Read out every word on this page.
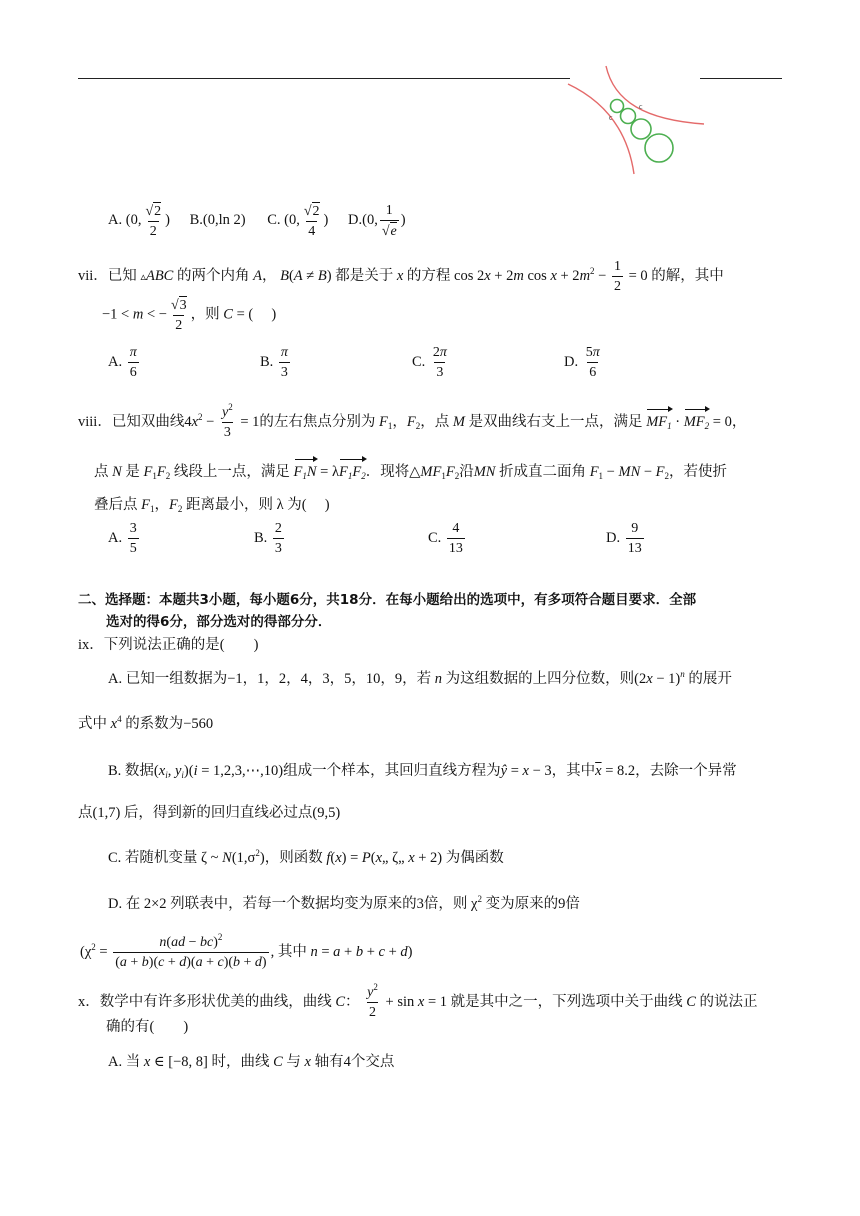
C
C
A. (0, $\frac{√2}{2}$ ) B.(0,ln 2) C. (0, $\frac{√2}{4}$ ) D.(0, $\frac{1}{√e}$ )
vii．已知 ▵ABC 的两个内角 A， B(A ≠ B) 都是关于 x 的方程 cos 2x + 2m $\cos x + 2m^2 - \frac{1}{2} = 0$ 的解，其中
−1 < m < − $\frac{√3}{2}$ ，则 C = (　 )
A. $\frac{\pi}{6}$	B. $\frac{\pi}{3}$	C. $\frac{2\pi}{3}$	D. $\frac{5\pi}{6}$
viii．已知双曲线$4x^2 - \frac{y^2}{3} = 1$的左右焦点分别为 $F_1$，$F_2$，点 M 是双曲线右支上一点，满足 $MF_1 \cdot MF_2 = 0$，
点 N 是 $F_1F_2$ 线段上一点，满足 $F_1N = \lambda F_1F_2$．现将$\triangle MF_1F_2$沿MN 折成直二面角 $F_1$ − MN − $F_2$，若使折
叠后点 $F_1$，$F_2$ 距离最小，则 λ 为(　 )
A. $\frac{3}{5}$	B. $\frac{2}{3}$	C. $\frac{4}{13}$	D. $\frac{9}{13}$
二、选择题：本题共3小题，每小题6分，共18分．在每小题给出的选项中，有多项符合题目要求．全部
选对的得6分，部分选对的得部分分．
ix．下列说法正确的是(　　)
A. 已知一组数据为−1，1，2，4，3，5，10，9，若 n 为这组数据的上四分位数，则$(2x - 1)^n$ 的展开
式中 $x^4$ 的系数为−560
B. 数据($x_i$, $y_i)(i$ = 1,2,3,⋯,10)组成一个样本，其回归直线方程为ŷ = x − 3，其中$\overline{x} = 8.2$，去除一个异常
点(1,7) 后，得到新的回归直线必过点(9,5)
C. 若随机变量 ζ ~ $N(1,\sigma^2)$，则函数 f(x) = P(x„ ζ„ x + 2) 为偶函数
D. 在 2×2 列联表中，若每一个数据均变为原来的3倍，则 $\chi^2$ 变为原来的9倍
($\chi^2 = \frac{n(ad - bc)^2}{(a + b)(c + d)(a + c)(b + d)}$ , 其中 n = a + b + c + d)
x．数学中有许多形状优美的曲线，曲线 C： $\frac{y^2}{2} + \sin x = 1$ 就是其中之一，下列选项中关于曲线 C 的说法正
确的有(　　)
A. 当 x ∈ [−8, 8] 时，曲线 C 与 x 轴有4个交点
